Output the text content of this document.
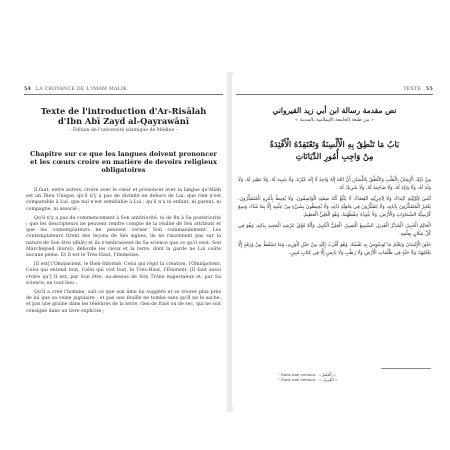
54 LA CROYANCE DE L'IMAM MALIK
Texte de l'introduction d'Ar-Risālah
d'Ibn Abī Zayd al-Qayrawānī
– Édition de l'université islamique de Médine –
Chapitre sur ce que les langues doivent prononcer et les cœurs croire en matière de devoirs religieux obligatoires

Il faut, entre autres, croire avec le cœur et prononcer avec la langue qu'Allah est un Dieu Unique, qu'il n'y a pas de divinité en dehors de Lui, que rien n'est comparable à Lui, que nul n'est semblable à Lui ; qu'il n'a ni enfant, ni parent, ni compagne, ni associé ;

Qu'il n'y a pas de commencement à Son antériorité, ni de fin à Sa postériorité ; que les descripteurs ne peuvent rendre compte de la réalité de Ses attributs et que les contemplateurs ne peuvent cerner Son commandement. Les contemplateurs tirent des leçons de Ses signes, ils ne raisonnent pas sur la nature de Son être (dhât) et ils n'embrassent de Sa science que ce qu'il veut. Son Marchepied (kursî), déborde les cieux et la terre, dont la garde ne Lui coûte aucune peine. Et Il est le Très-Haut, l'Immense.

[Il est] l'Omniscient, le Bien-Informé, Celui qui régit la création, l'Omnipotent, Celui qui entend tout, Celui qui voit tout, le Très-Haut, l'Éminent. [Il faut aussi croire qu'] Il est, par Son être, au-dessus de Son Trône majestueux et, par Sa science, en tout lieu ;

Qu'il a créé l'homme, sait ce que son âme lui suggère et se trouve plus près de lui que sa veine jugulaire ; et pas une feuille ne tombe sans qu'Il ne le sache, et pas une graine dans les ténèbres de la terre, rien de frais ou de sec, qui ne soit consigné dans un livre explicite ;

TEXTE 55
نص مقدمة رسالة ابن أبي زيد القيرواني
« من طبعة الجامعة الإسلامية بالمدينة »
بَابُ مَا تَنْطِقُ بِهِ الْأَلْسِنَةُ وَتَعْتَقِدُهُ الْأَفْئِدَةُ
مِنْ وَاجِبِ أُمُورِ الدِّيَانَاتِ

مِنْ ذَلِكَ الْإِيمَانُ بِالْقَلْبِ وَالنُّطْقُ بِاللِّسَانِ أَنَّ اللهَ إِلَهٌ وَاحِدٌ لَا إِلَهَ غَيْرُهُ، وَلَا شَبِيهَ لَهُ، وَلَا نَظِيرَ لَهُ، وَلَا وَلَدَ لَهُ، وَلَا وَالِدَ لَهُ، وَلَا صَاحِبَةَ لَهُ، وَلَا شَرِيكَ لَهُ.

لَيْسَ لِأَوَّلِيَّتِهِ ابْتِدَاءٌ، وَلَا لِآخِرِيَّتِهِ انْقِضَاءٌ، لَا يَبْلُغُ كُنْهَ صِفَتِهِ الْوَاصِفُونَ، وَلَا يُحِيطُ بِأَمْرِهِ الْمُتَفَكِّرُونَ، يَعْتَبِرُ الْمُتَفَكِّرُونَ بِآيَاتِهِ، وَلَا يَتَفَكَّرُونَ فِي مَاهِيَّةِ ذَاتِهِ، وَلَا يُحِيطُونَ بِشَيْءٍ مِنْ عِلْمِهِ إِلَّا بِمَا شَاءَ، وَسِعَ كُرْسِيُّهُ السَّمَاوَاتِ وَالْأَرْضَ، وَلَا يَئُودُهُ حِفْظُهُمَا، وَهُوَ الْعَلِيُّ الْعَظِيمُ.

الْعَالِمُ الْخَبِيرُ، الْمُدَبِّرُ الْقَدِيرُ، السَّمِيعُ الْبَصِيرُ، الْعَلِيُّ الْكَبِيرُ، وَأَنَّهُ فَوْقَ عَرْشِهِ الْمَجِيدِ بِذَاتِهِ، وَهُوَ فِي كُلِّ مَكَانٍ بِعِلْمِهِ.

خَلَقَ الْإِنْسَانَ وَيَعْلَمُ مَا تُوَسْوِسُ بِهِ نَفْسُهُ، وَهُوَ أَقْرَبُ إِلَيْهِ مِنْ حَبْلِ الْوَرِيدِ، وَمَا تَسْقُطُ مِنْ وَرَقَةٍ إِلَّا يَعْلَمُهَا، وَلَا حَبَّةٍ فِي ظُلُمَاتِ الْأَرْضِ وَلَا رَطْبٍ وَلَا يَابِسٍ إِلَّا فِي كِتَابٍ مُبِينٍ.

¹ Dans une version : « الْعَلِيمُ ».
² Dans une version : « الْقَرِيبُ ».
